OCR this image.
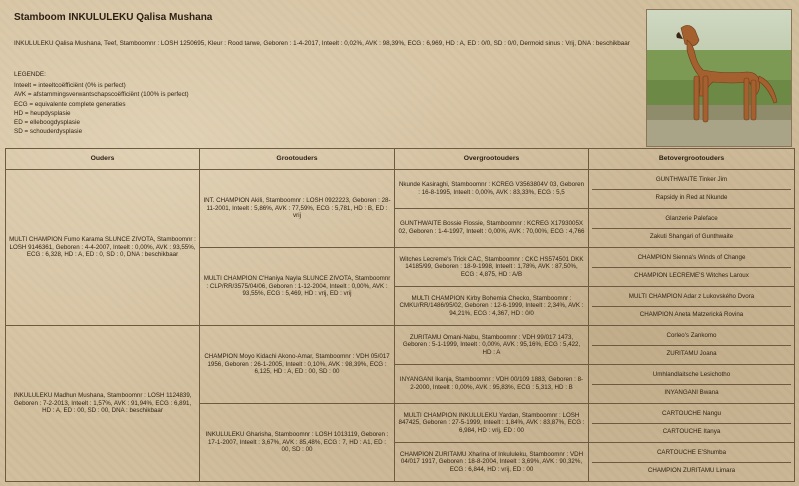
Stamboom INKULULEKU Qalisa Mushana
INKULULEKU Qalisa Mushana, Teef, Stamboomnr : LOSH 1250695, Kleur : Rood tarwe, Geboren : 1-4-2017, Inteelt : 0,02%, AVK : 98,39%, ECG : 6,969, HD : A, ED : 0/0, SD : 0/0, Dermoid sinus : Vrij, DNA : beschikbaar
LEGENDE:
Inteelt = inteeltcoëfficiënt (0% is perfect)
AVK = afstammingsverwantschapscoëfficiënt (100% is perfect)
ECG = equivalente complete generaties
HD = heupdysplasie
ED = elleboogdysplasie
SD = schouderdysplasie
Ouders	Grootouders	Overgrootouders	Betovergrootouders
MULTI CHAMPION Fumo Karama SLUNCE ZIVOTA, Stamboomnr : LOSH 9146361, Geboren : 4-4-2007, Inteelt : 0,00%, AVK : 93,55%, ECG : 6,328, HD : A, ED : 0, SD : 0, DNA : beschikbaar	INT. CHAMPION Akili, Stamboomnr : LOSH 0922223, Geboren : 28-11-2001, Inteelt : 5,86%, AVK : 77,59%, ECG : 5,781, HD : B, ED : vrij	Nkunde Kasiraghi, Stamboomnr : KCREG V3563804V 03, Geboren : 16-8-1995, Inteelt : 0,00%, AVK : 83,33%, ECG : 5,5	GUNTHWAITE Tinker Jim
Rapsidy in Red at Nkunde

		GUNTHWAITE Bossie Flossie, Stamboomnr : KCREG X1793005X 02, Geboren : 1-4-1997, Inteelt : 0,00%, AVK : 70,00%, ECG : 4,766	Glanzerie Paleface
Zakuti Shangari of Gunthwaite

	MULTI CHAMPION C'Haniya Nayla SLUNCE ZIVOTA, Stamboomnr : CLP/RR/3575/04/06, Geboren : 1-12-2004, Inteelt : 0,00%, AVK : 93,55%, ECG : 5,469, HD : vrij, ED : vrij	Witches Lecreme's Trick CAC, Stamboomnr : CKC HS574501 DKK 14185/99, Geboren : 18-9-1998, Inteelt : 1,78%, AVK : 87,50%, ECG : 4,875, HD : A/B	CHAMPION Sienna's Winds of Change
CHAMPION LECREME'S Witches Laroux

		MULTI CHAMPION Kirby Bohemia Checko, Stamboomnr : CMKU/RR/1486/95/02, Geboren : 12-6-1999, Inteelt : 2,34%, AVK : 94,21%, ECG : 4,367, HD : 0/0	MULTI CHAMPION Adar z Lukovského Dvora
CHAMPION Aneta Matzerická Rovina

INKULULEKU Madhun Mushana, Stamboomnr : LOSH 1124839, Geboren : 7-2-2013, Inteelt : 1,57%, AVK : 91,94%, ECG : 6,891, HD : A, ED : 00, SD : 00, DNA : beschikbaar	CHAMPION Moyo Kidachi Akono-Amar, Stamboomnr : VDH 05/017 1956, Geboren : 26-1-2005, Inteelt : 0,10%, AVK : 98,39%, ECG : 6,125, HD : A, ED : 00, SD : 00	ZURITAMU Omani-Nabu, Stamboomnr : VDH 99/017 1473, Geboren : 5-1-1999, Inteelt : 0,00%, AVK : 95,16%, ECG : 5,422, HD : A	Corleo's Zankomo
ZURITAMU Joana

		INYANGANI Ikanja, Stamboomnr : VDH 00/109 1883, Geboren : 8-2-2000, Inteelt : 0,00%, AVK : 95,83%, ECG : 5,313, HD : B	Umhlandlaitsche Lesichotho
INYANGANI Bwana

	INKULULEKU Gharisha, Stamboomnr : LOSH 1013119, Geboren : 17-1-2007, Inteelt : 3,67%, AVK : 85,48%, ECG : 7, HD : A1, ED : 00, SD : 00	MULTI CHAMPION INKULULEKU Yardan, Stamboomnr : LOSH 847425, Geboren : 27-5-1999, Inteelt : 1,84%, AVK : 83,87%, ECG : 6,984, HD : vrij, ED : 00	CARTOUCHE Nangu
CARTOUCHE Itanya

		CHAMPION ZURITAMU Xharina of Inkululeku, Stamboomnr : VDH 04/017 1917, Geboren : 18-8-2004, Inteelt : 3,69%, AVK : 90,32%, ECG : 6,844, HD : vrij, ED : 00	CARTOUCHE E'Shumba
CHAMPION ZURITAMU Limara
